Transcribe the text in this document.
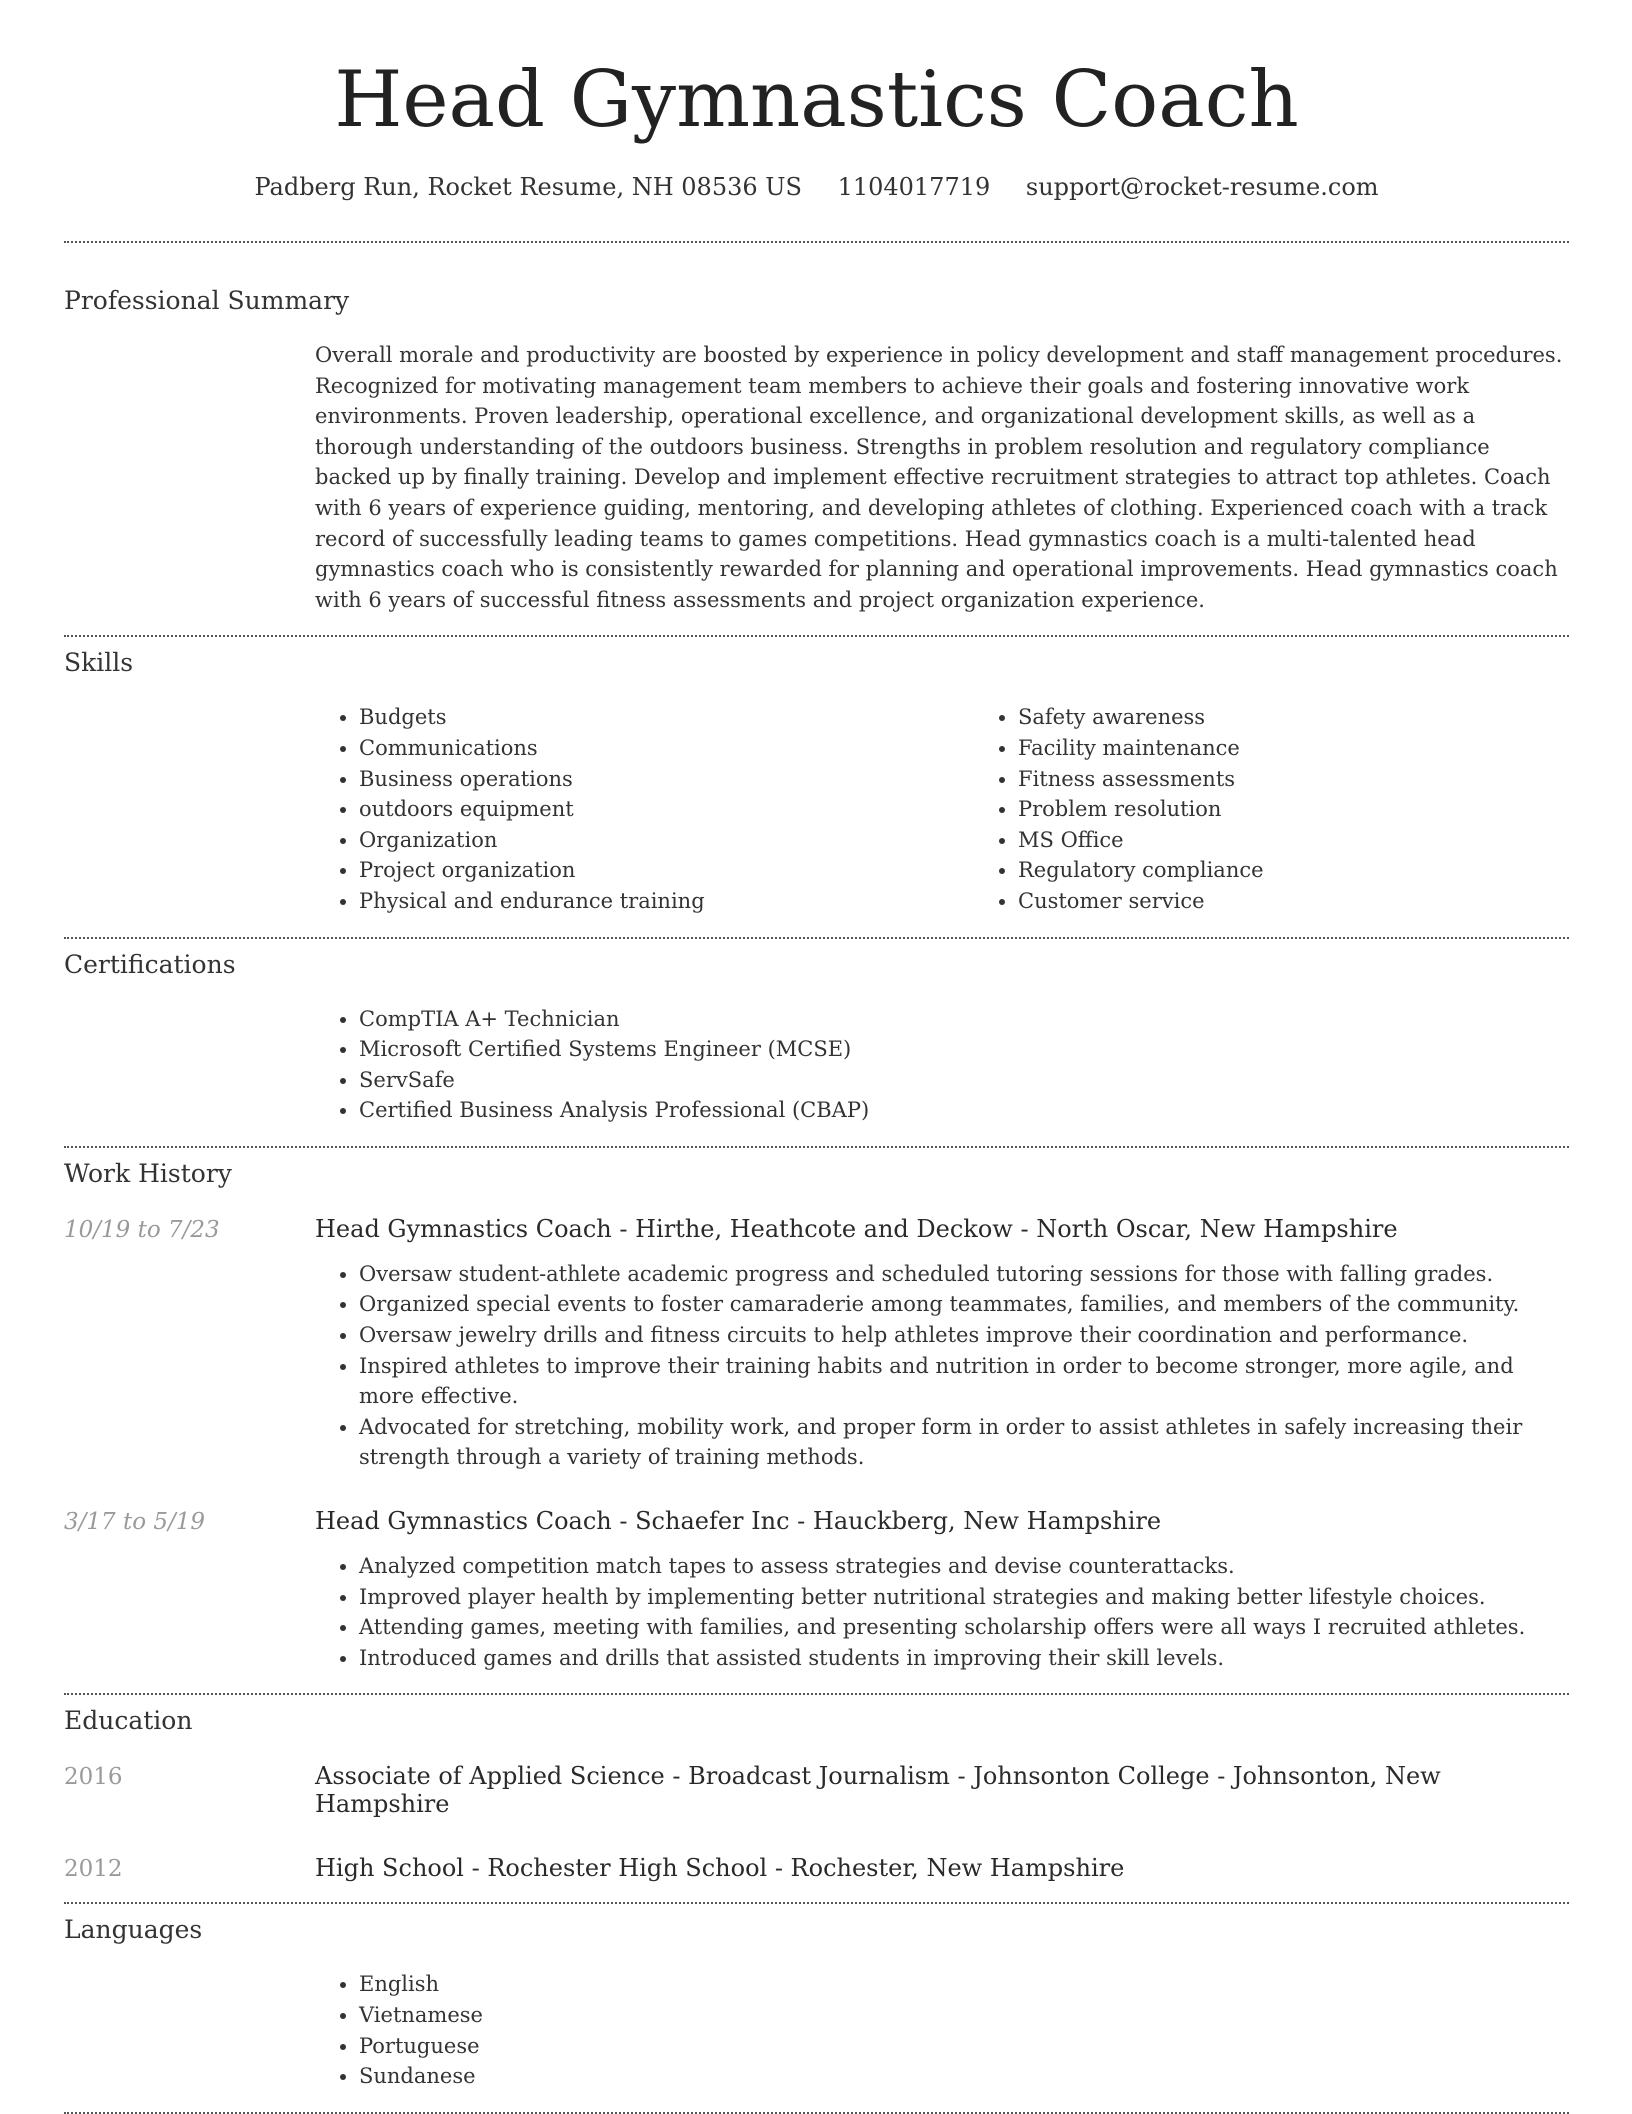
Head Gymnastics Coach
Padberg Run, Rocket Resume, NH 08536 US 1104017719 support@rocket-resume.com
Professional Summary
Overall morale and productivity are boosted by experience in policy development and staff management procedures. Recognized for motivating management team members to achieve their goals and fostering innovative work environments. Proven leadership, operational excellence, and organizational development skills, as well as a thorough understanding of the outdoors business. Strengths in problem resolution and regulatory compliance backed up by finally training. Develop and implement effective recruitment strategies to attract top athletes. Coach with 6 years of experience guiding, mentoring, and developing athletes of clothing. Experienced coach with a track record of successfully leading teams to games competitions. Head gymnastics coach is a multi-talented head gymnastics coach who is consistently rewarded for planning and operational improvements. Head gymnastics coach with 6 years of successful fitness assessments and project organization experience.
Skills
• Budgets
• Communications
• Business operations
• outdoors equipment
• Organization
• Project organization
• Physical and endurance training
• Safety awareness
• Facility maintenance
• Fitness assessments
• Problem resolution
• MS Office
• Regulatory compliance
• Customer service
Certifications
• CompTIA A+ Technician
• Microsoft Certified Systems Engineer (MCSE)
• ServSafe
• Certified Business Analysis Professional (CBAP)
Work History
10/19 to 7/23	Head Gymnastics Coach - Hirthe, Heathcote and Deckow - North Oscar, New Hampshire
• Oversaw student-athlete academic progress and scheduled tutoring sessions for those with falling grades.
• Organized special events to foster camaraderie among teammates, families, and members of the community.
• Oversaw jewelry drills and fitness circuits to help athletes improve their coordination and performance.
• Inspired athletes to improve their training habits and nutrition in order to become stronger, more agile, and more effective.
• Advocated for stretching, mobility work, and proper form in order to assist athletes in safely increasing their strength through a variety of training methods.
3/17 to 5/19	Head Gymnastics Coach - Schaefer Inc - Hauckberg, New Hampshire
• Analyzed competition match tapes to assess strategies and devise counterattacks.
• Improved player health by implementing better nutritional strategies and making better lifestyle choices.
• Attending games, meeting with families, and presenting scholarship offers were all ways I recruited athletes.
• Introduced games and drills that assisted students in improving their skill levels.
Education
2016	Associate of Applied Science - Broadcast Journalism - Johnsonton College - Johnsonton, New Hampshire
2012	High School - Rochester High School - Rochester, New Hampshire
Languages
• English
• Vietnamese
• Portuguese
• Sundanese
